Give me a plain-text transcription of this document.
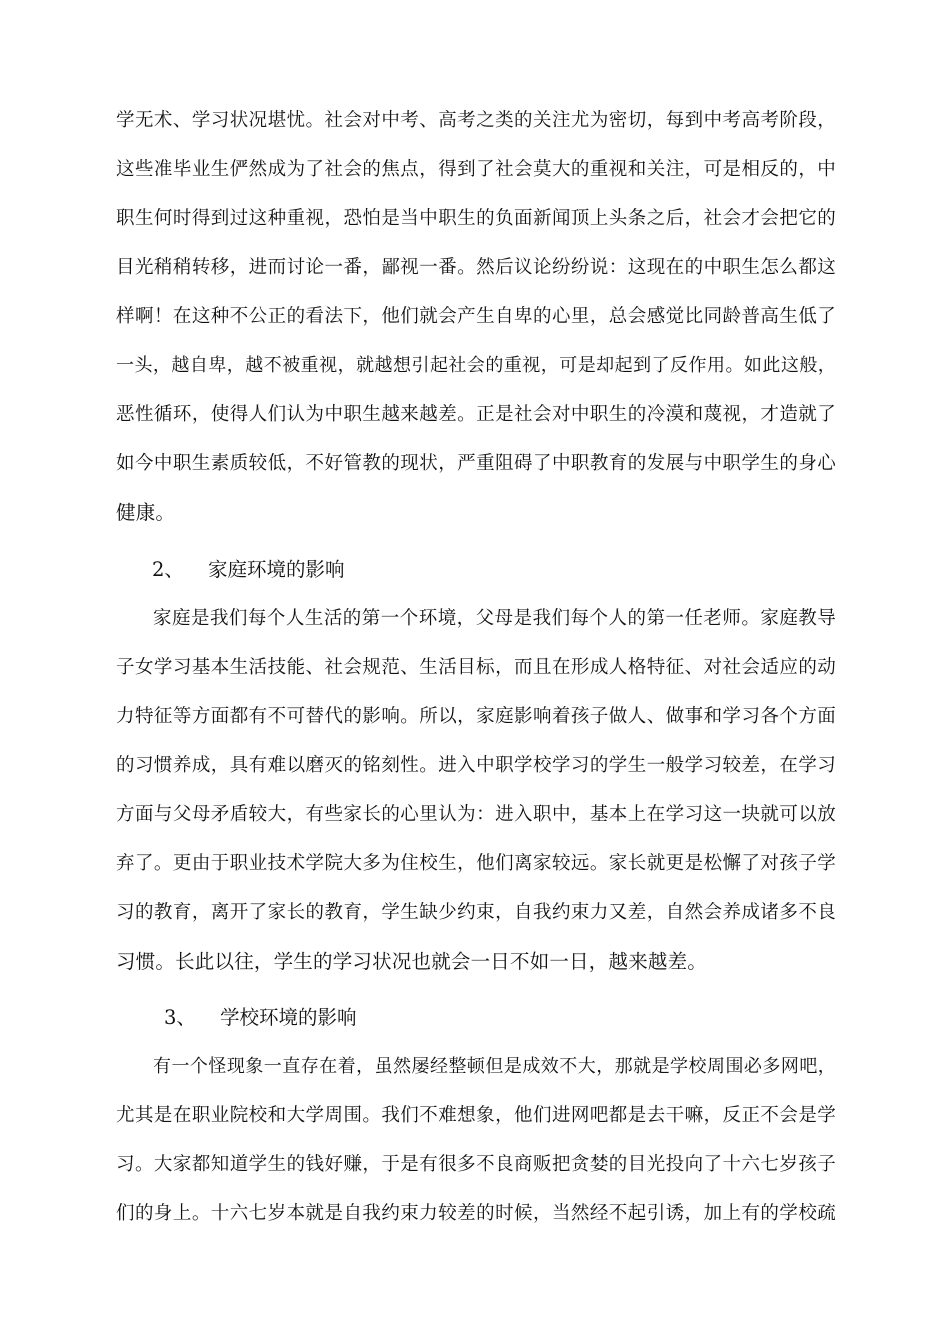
学无术、学习状况堪忧。社会对中考、高考之类的关注尤为密切，每到中考高考阶段，
这些准毕业生俨然成为了社会的焦点，得到了社会莫大的重视和关注，可是相反的，中
职生何时得到过这种重视，恐怕是当中职生的负面新闻顶上头条之后，社会才会把它的
目光稍稍转移，进而讨论一番，鄙视一番。然后议论纷纷说：这现在的中职生怎么都这
样啊！在这种不公正的看法下，他们就会产生自卑的心里，总会感觉比同龄普高生低了
一头，越自卑，越不被重视，就越想引起社会的重视，可是却起到了反作用。如此这般，
恶性循环，使得人们认为中职生越来越差。正是社会对中职生的冷漠和蔑视，才造就了
如今中职生素质较低，不好管教的现状，严重阻碍了中职教育的发展与中职学生的身心
健康。
2、 家庭环境的影响
家庭是我们每个人生活的第一个环境，父母是我们每个人的第一任老师。家庭教导
子女学习基本生活技能、社会规范、生活目标，而且在形成人格特征、对社会适应的动
力特征等方面都有不可替代的影响。所以，家庭影响着孩子做人、做事和学习各个方面
的习惯养成，具有难以磨灭的铭刻性。进入中职学校学习的学生一般学习较差，在学习
方面与父母矛盾较大，有些家长的心里认为：进入职中，基本上在学习这一块就可以放
弃了。更由于职业技术学院大多为住校生，他们离家较远。家长就更是松懈了对孩子学
习的教育，离开了家长的教育，学生缺少约束，自我约束力又差，自然会养成诸多不良
习惯。长此以往，学生的学习状况也就会一日不如一日，越来越差。
3、 学校环境的影响
有一个怪现象一直存在着，虽然屡经整顿但是成效不大，那就是学校周围必多网吧，
尤其是在职业院校和大学周围。我们不难想象，他们进网吧都是去干嘛，反正不会是学
习。大家都知道学生的钱好赚，于是有很多不良商贩把贪婪的目光投向了十六七岁孩子
们的身上。十六七岁本就是自我约束力较差的时候，当然经不起引诱，加上有的学校疏
